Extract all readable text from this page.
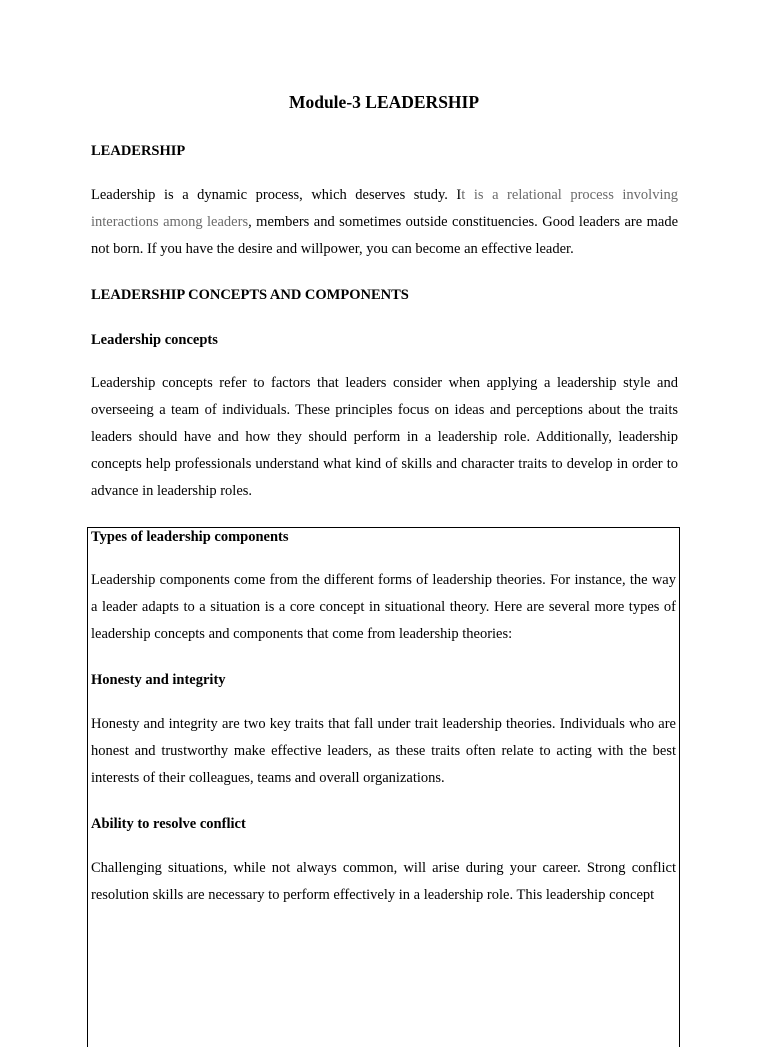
Module-3 LEADERSHIP
LEADERSHIP

Leadership is a dynamic process, which deserves study. It is a relational process involving interactions among leaders, members and sometimes outside constituencies. Good leaders are made not born. If you have the desire and willpower, you can become an effective leader.

LEADERSHIP CONCEPTS AND COMPONENTS
Leadership concepts

Leadership concepts refer to factors that leaders consider when applying a leadership style and overseeing a team of individuals. These principles focus on ideas and perceptions about the traits leaders should have and how they should perform in a leadership role. Additionally, leadership concepts help professionals understand what kind of skills and character traits to develop in order to advance in leadership roles.

Types of leadership components

Leadership components come from the different forms of leadership theories. For instance, the way a leader adapts to a situation is a core concept in situational theory. Here are several more types of leadership concepts and components that come from leadership theories:

Honesty and integrity

Honesty and integrity are two key traits that fall under trait leadership theories. Individuals who are honest and trustworthy make effective leaders, as these traits often relate to acting with the best interests of their colleagues, teams and overall organizations.

Ability to resolve conflict

Challenging situations, while not always common, will arise during your career. Strong conflict resolution skills are necessary to perform effectively in a leadership role. This leadership concept
